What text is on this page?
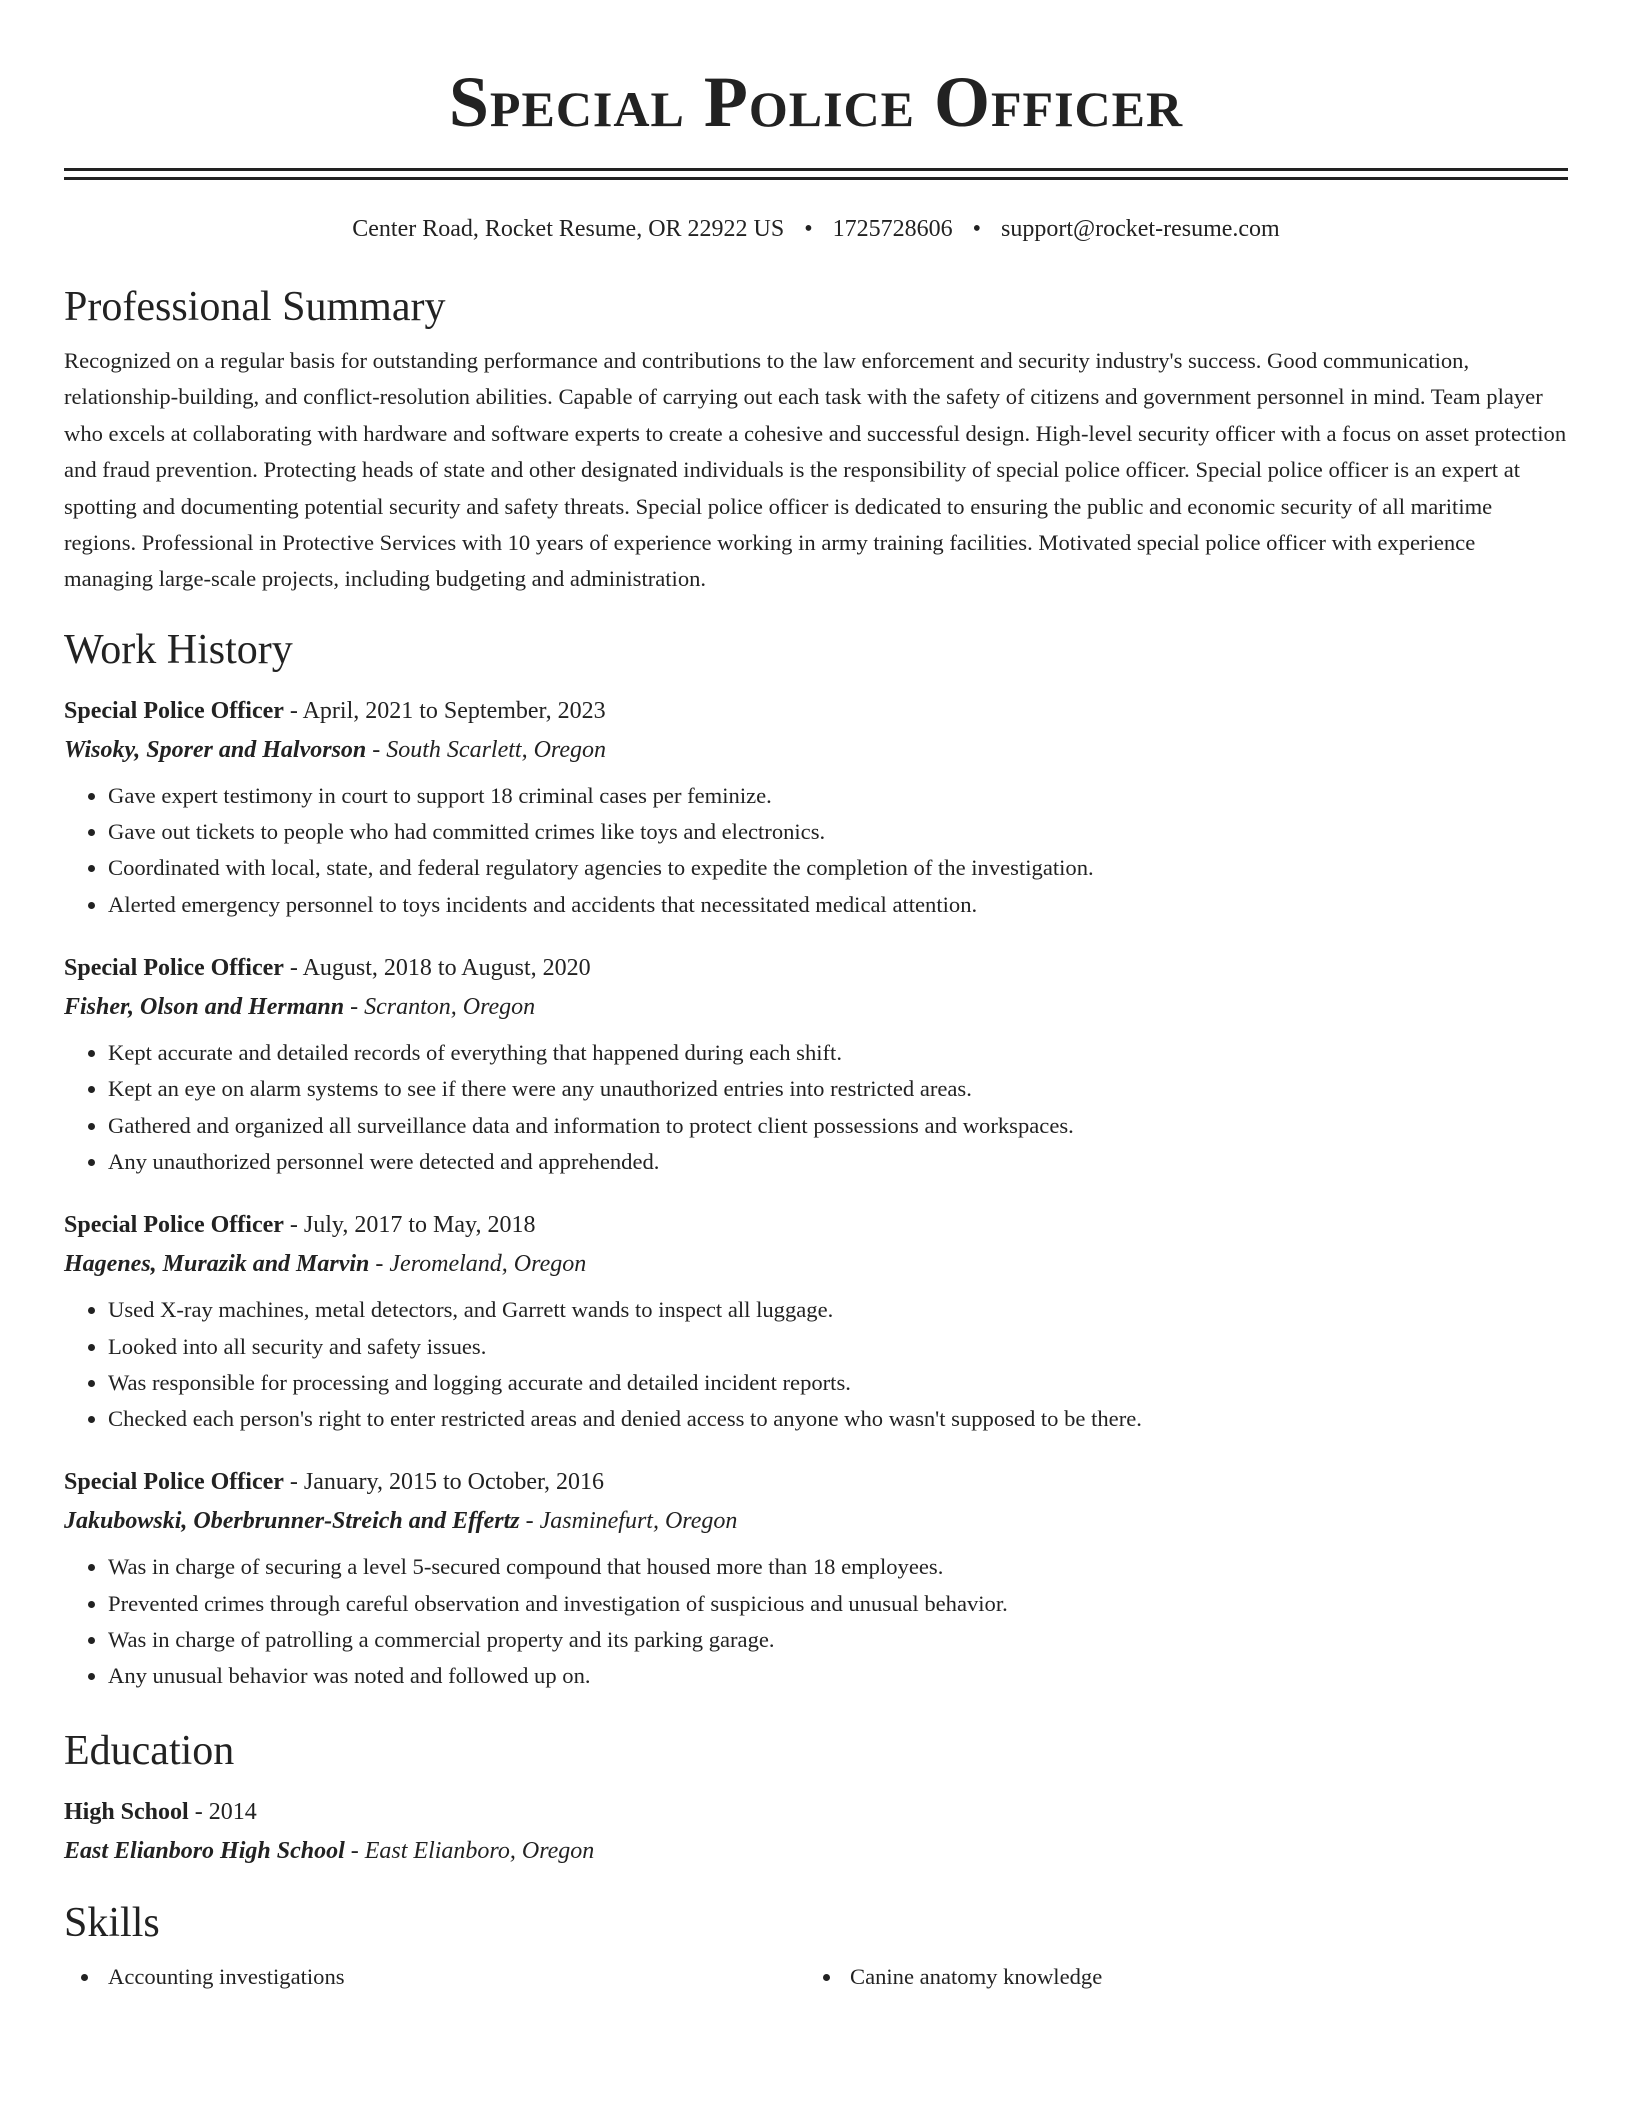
Special Police Officer
Center Road, Rocket Resume, OR 22922 US • 1725728606 • support@rocket-resume.com
Professional Summary

Recognized on a regular basis for outstanding performance and contributions to the law enforcement and security industry's success. Good communication, relationship-building, and conflict-resolution abilities. Capable of carrying out each task with the safety of citizens and government personnel in mind. Team player who excels at collaborating with hardware and software experts to create a cohesive and successful design. High-level security officer with a focus on asset protection and fraud prevention. Protecting heads of state and other designated individuals is the responsibility of special police officer. Special police officer is an expert at spotting and documenting potential security and safety threats. Special police officer is dedicated to ensuring the public and economic security of all maritime regions. Professional in Protective Services with 10 years of experience working in army training facilities. Motivated special police officer with experience managing large-scale projects, including budgeting and administration.

Work History
Special Police Officer - April, 2021 to September, 2023
Wisoky, Sporer and Halvorson - South Scarlett, Oregon
• Gave expert testimony in court to support 18 criminal cases per feminize.
• Gave out tickets to people who had committed crimes like toys and electronics.
• Coordinated with local, state, and federal regulatory agencies to expedite the completion of the investigation.
• Alerted emergency personnel to toys incidents and accidents that necessitated medical attention.
Special Police Officer - August, 2018 to August, 2020
Fisher, Olson and Hermann - Scranton, Oregon
• Kept accurate and detailed records of everything that happened during each shift.
• Kept an eye on alarm systems to see if there were any unauthorized entries into restricted areas.
• Gathered and organized all surveillance data and information to protect client possessions and workspaces.
• Any unauthorized personnel were detected and apprehended.
Special Police Officer - July, 2017 to May, 2018
Hagenes, Murazik and Marvin - Jeromeland, Oregon
• Used X-ray machines, metal detectors, and Garrett wands to inspect all luggage.
• Looked into all security and safety issues.
• Was responsible for processing and logging accurate and detailed incident reports.
• Checked each person's right to enter restricted areas and denied access to anyone who wasn't supposed to be there.
Special Police Officer - January, 2015 to October, 2016
Jakubowski, Oberbrunner-Streich and Effertz - Jasminefurt, Oregon
• Was in charge of securing a level 5-secured compound that housed more than 18 employees.
• Prevented crimes through careful observation and investigation of suspicious and unusual behavior.
• Was in charge of patrolling a commercial property and its parking garage.
• Any unusual behavior was noted and followed up on.
Education
High School - 2014
East Elianboro High School - East Elianboro, Oregon
Skills
Accounting investigations	Canine anatomy knowledge
